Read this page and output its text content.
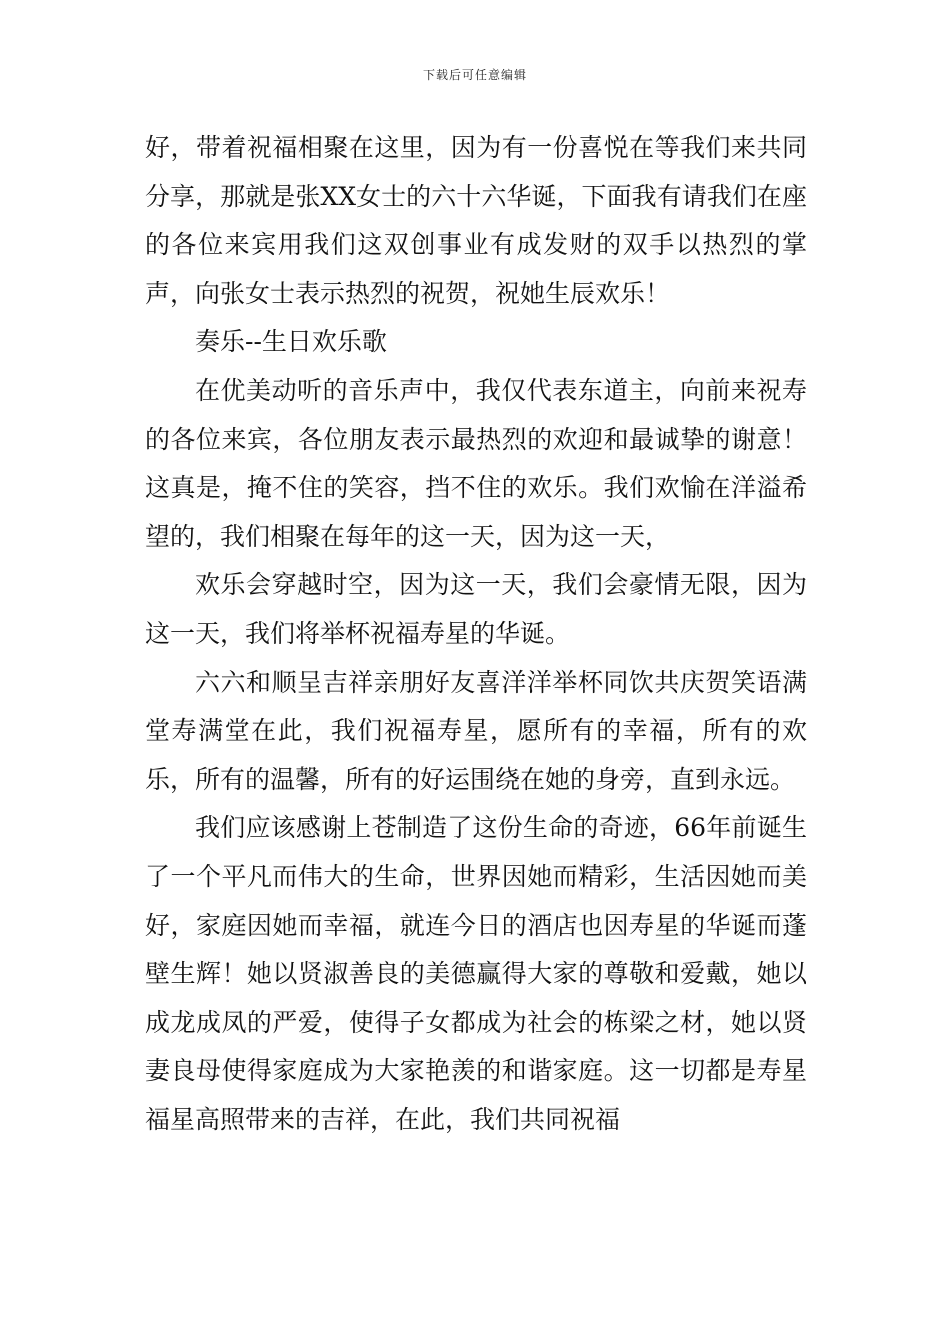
下载后可任意编辑

好，带着祝福相聚在这里，因为有一份喜悦在等我们来共同分享，那就是张XX女士的六十六华诞，下面我有请我们在座的各位来宾用我们这双创事业有成发财的双手以热烈的掌声，向张女士表示热烈的祝贺，祝她生辰欢乐！

奏乐--生日欢乐歌

在优美动听的音乐声中，我仅代表东道主，向前来祝寿的各位来宾，各位朋友表示最热烈的欢迎和最诚挚的谢意！这真是，掩不住的笑容，挡不住的欢乐。我们欢愉在洋溢希望的，我们相聚在每年的这一天，因为这一天，

欢乐会穿越时空，因为这一天，我们会豪情无限，因为这一天，我们将举杯祝福寿星的华诞。

六六和顺呈吉祥亲朋好友喜洋洋举杯同饮共庆贺笑语满堂寿满堂在此，我们祝福寿星，愿所有的幸福，所有的欢乐，所有的温馨，所有的好运围绕在她的身旁，直到永远。

我们应该感谢上苍制造了这份生命的奇迹，66年前诞生了一个平凡而伟大的生命，世界因她而精彩，生活因她而美好，家庭因她而幸福，就连今日的酒店也因寿星的华诞而蓬壁生辉！她以贤淑善良的美德赢得大家的尊敬和爱戴，她以成龙成凤的严爱，使得子女都成为社会的栋梁之材，她以贤妻良母使得家庭成为大家艳羡的和谐家庭。这一切都是寿星福星高照带来的吉祥，在此，我们共同祝福
